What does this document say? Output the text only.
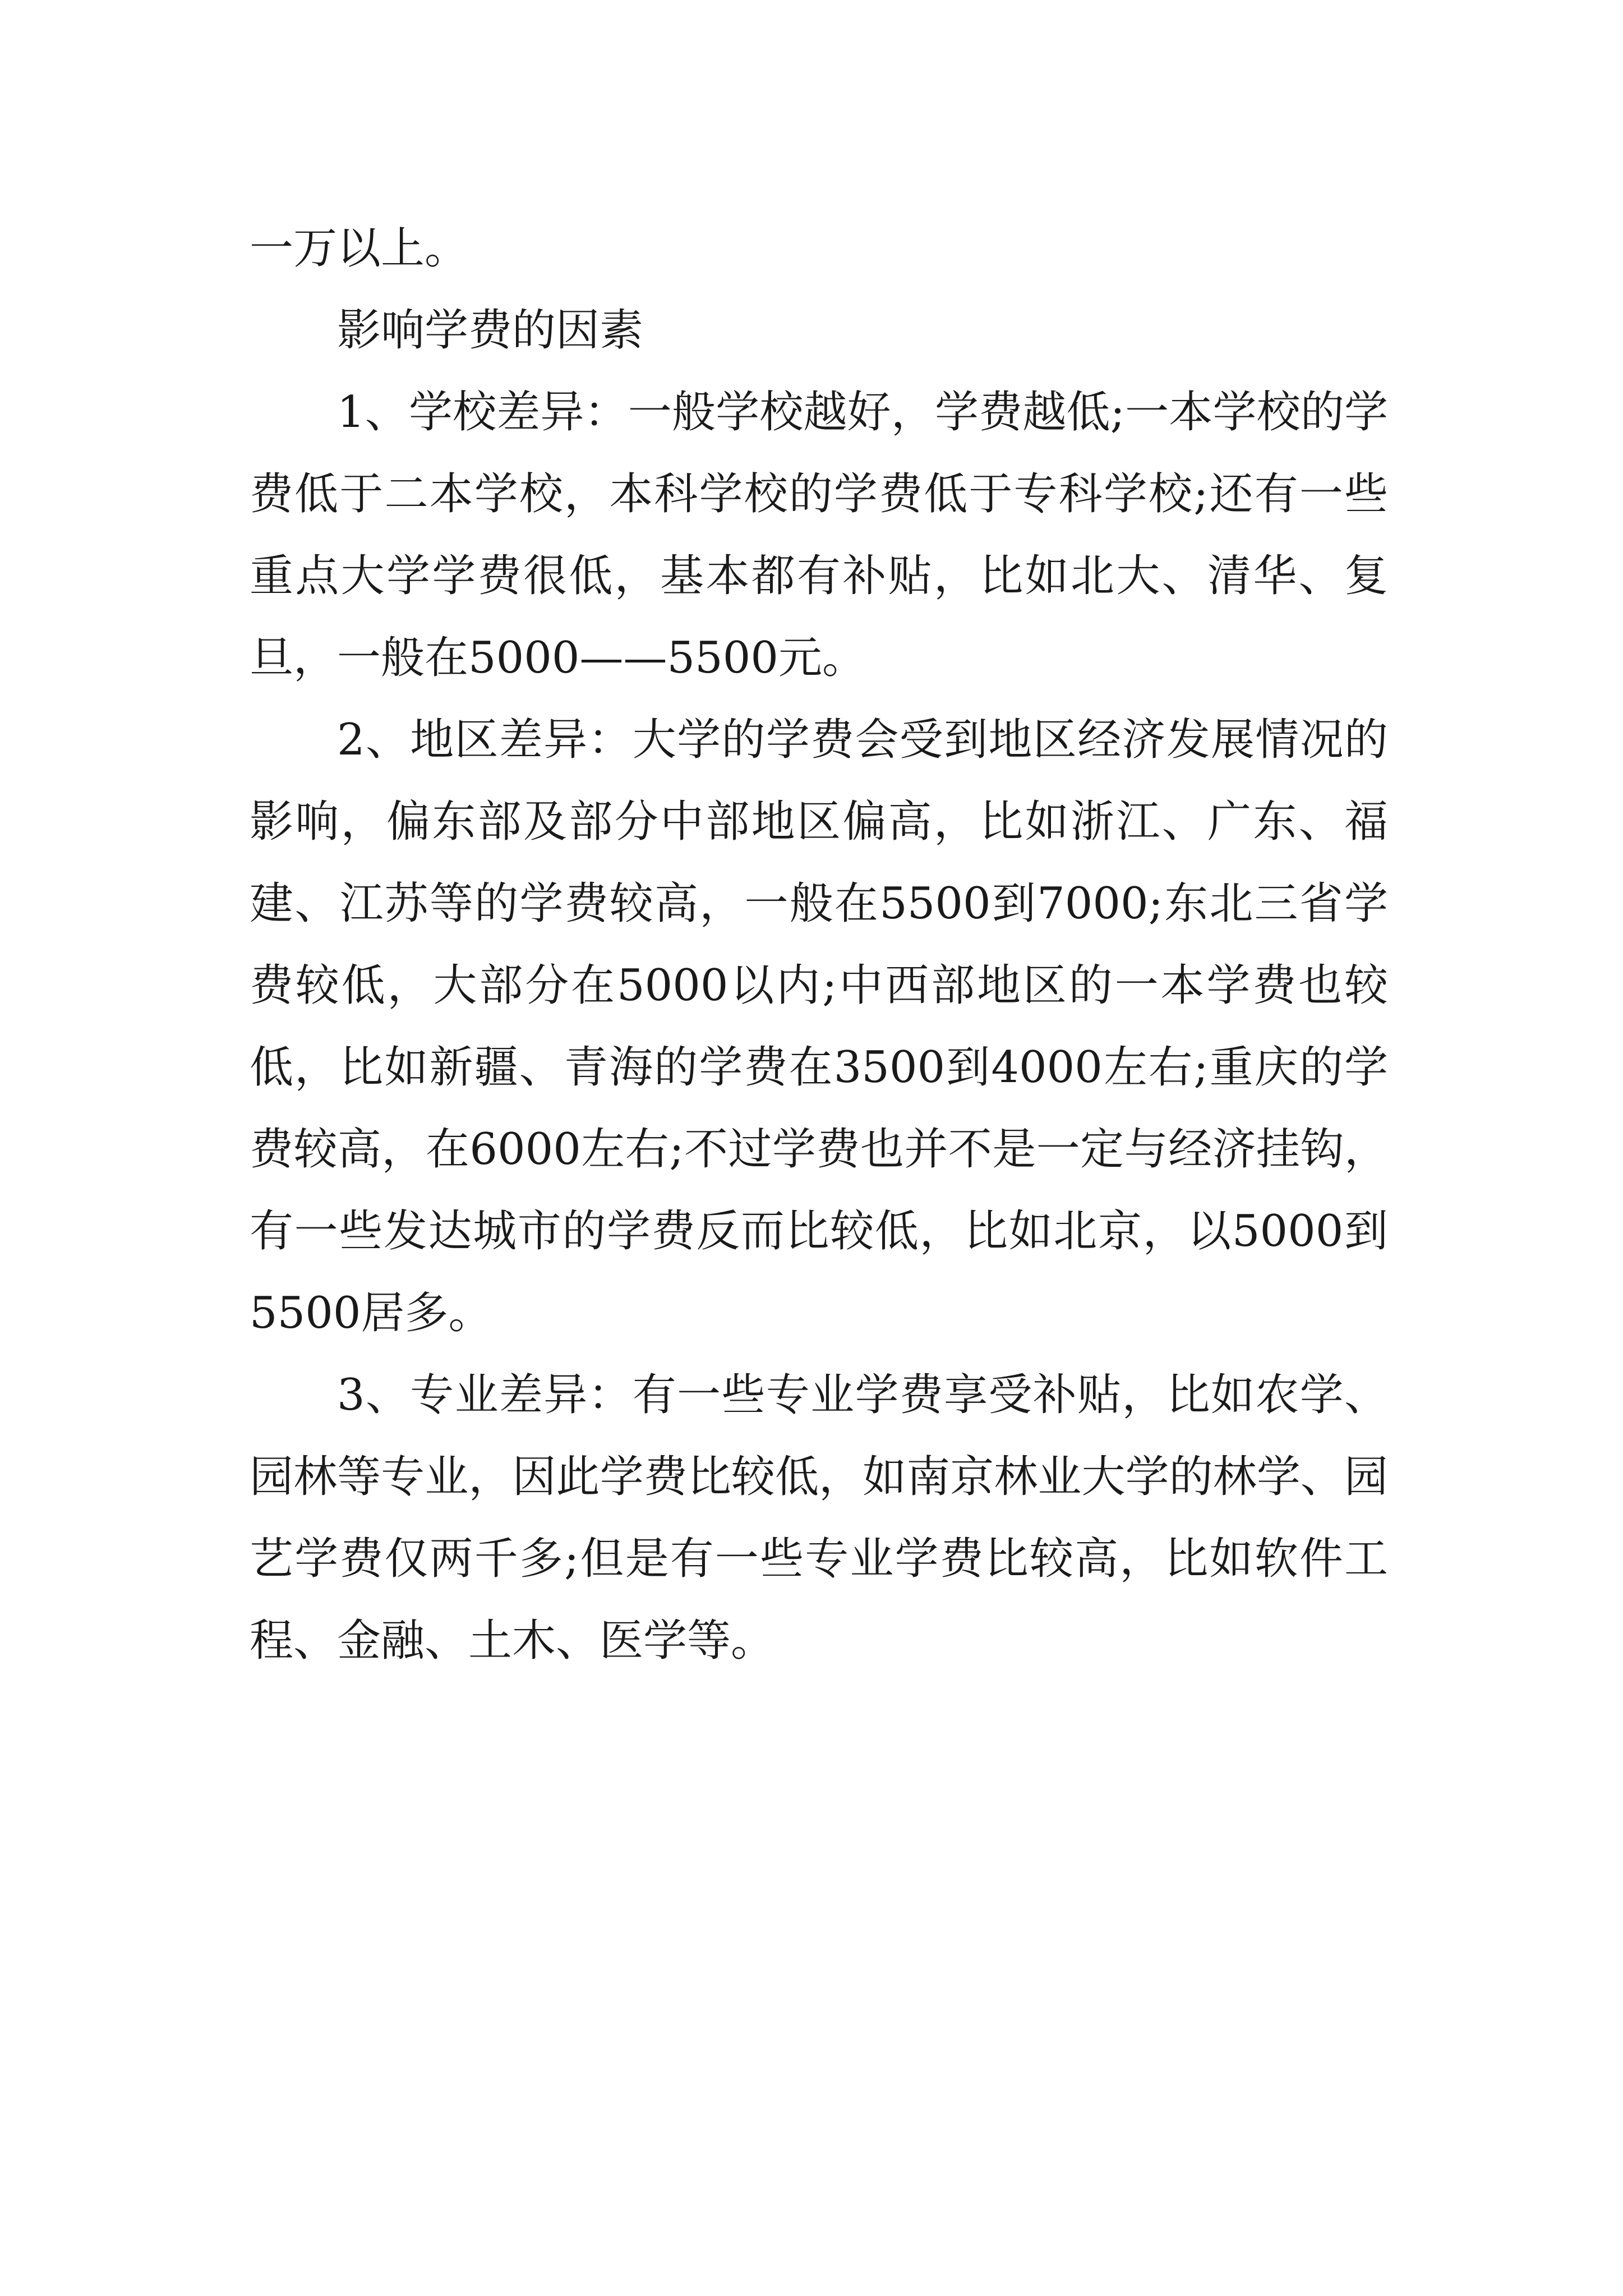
一万以上。

影响学费的因素

1、学校差异：一般学校越好，学费越低;一本学校的学费低于二本学校，本科学校的学费低于专科学校;还有一些重点大学学费很低，基本都有补贴，比如北大、清华、复旦，一般在5000——5500元。

2、地区差异：大学的学费会受到地区经济发展情况的影响，偏东部及部分中部地区偏高，比如浙江、广东、福建、江苏等的学费较高，一般在5500到7000;东北三省学费较低，大部分在5000以内;中西部地区的一本学费也较低，比如新疆、青海的学费在3500到4000左右;重庆的学费较高，在6000左右;不过学费也并不是一定与经济挂钩，有一些发达城市的学费反而比较低，比如北京，以5000到5500居多。

3、专业差异：有一些专业学费享受补贴，比如农学、园林等专业，因此学费比较低，如南京林业大学的林学、园艺学费仅两千多;但是有一些专业学费比较高，比如软件工程、金融、土木、医学等。
